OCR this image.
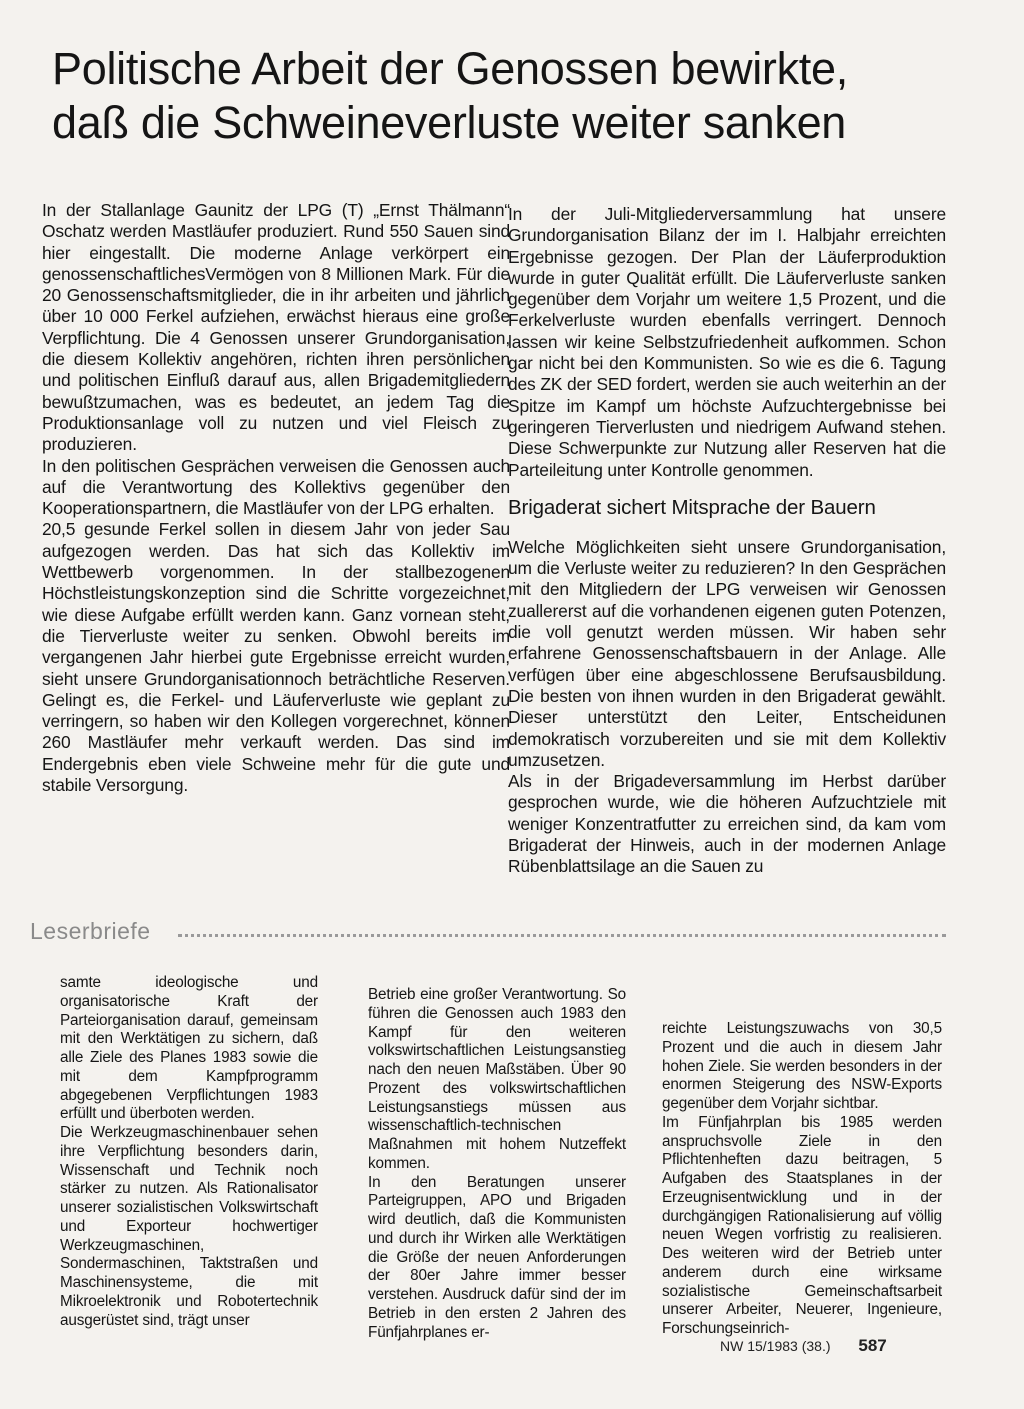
Politische Arbeit der Genossen bewirkte,
daß die Schweineverluste weiter sanken

In der Stallanlage Gaunitz der LPG (T) „Ernst Thälmann“ Oschatz werden Mastläufer produziert. Rund 550 Sauen sind hier eingestallt. Die moderne Anlage verkörpert ein genossenschaftlichesVermögen von 8 Millionen Mark. Für die 20 Genossenschaftsmitglieder, die in ihr arbeiten und jährlich über 10 000 Ferkel aufziehen, erwächst hieraus eine große Verpflichtung. Die 4 Genossen unserer Grundorganisation, die diesem Kollektiv angehören, richten ihren persönlichen und politischen Einfluß darauf aus, allen Brigademitgliedern bewußtzumachen, was es bedeutet, an jedem Tag die Produktionsanlage voll zu nutzen und viel Fleisch zu produzieren.

In den politischen Gesprächen verweisen die Genossen auch auf die Verantwortung des Kollektivs gegenüber den Kooperationspartnern, die Mastläufer von der LPG erhalten.

20,5 gesunde Ferkel sollen in diesem Jahr von jeder Sau aufgezogen werden. Das hat sich das Kollektiv im Wettbewerb vorgenommen. In der stallbezogenen Höchstleistungskonzeption sind die Schritte vorgezeichnet, wie diese Aufgabe erfüllt werden kann. Ganz vornean steht, die Tierverluste weiter zu senken. Obwohl bereits im vergangenen Jahr hierbei gute Ergebnisse erreicht wurden, sieht unsere Grundorganisationnoch beträchtliche Reserven. Gelingt es, die Ferkel- und Läuferverluste wie geplant zu verringern, so haben wir den Kollegen vorgerechnet, können 260 Mastläufer mehr verkauft werden. Das sind im Endergebnis eben viele Schweine mehr für die gute und stabile Versorgung.

In der Juli-Mitgliederversammlung hat unsere Grundorganisation Bilanz der im I. Halbjahr erreichten Ergebnisse gezogen. Der Plan der Läuferproduktion wurde in guter Qualität erfüllt. Die Läuferverluste sanken gegenüber dem Vorjahr um weitere 1,5 Prozent, und die Ferkelverluste wurden ebenfalls verringert. Dennoch lassen wir keine Selbstzufriedenheit aufkommen. Schon gar nicht bei den Kommunisten. So wie es die 6. Tagung des ZK der SED fordert, werden sie auch weiterhin an der Spitze im Kampf um höchste Aufzuchtergebnisse bei geringeren Tierverlusten und niedrigem Aufwand stehen. Diese Schwerpunkte zur Nutzung aller Reserven hat die Parteileitung unter Kontrolle genommen.

Brigaderat sichert Mitsprache der Bauern

Welche Möglichkeiten sieht unsere Grundorganisation, um die Verluste weiter zu reduzieren? In den Gesprächen mit den Mitgliedern der LPG verweisen wir Genossen zuallererst auf die vorhandenen eigenen guten Potenzen, die voll genutzt werden müssen. Wir haben sehr erfahrene Genossenschaftsbauern in der Anlage. Alle verfügen über eine abgeschlossene Berufsausbildung. Die besten von ihnen wurden in den Brigaderat gewählt. Dieser unterstützt den Leiter, Entscheidunen demokratisch vorzubereiten und sie mit dem Kollektiv umzusetzen.

Als in der Brigadeversammlung im Herbst darüber gesprochen wurde, wie die höheren Aufzuchtziele mit weniger Konzentratfutter zu erreichen sind, da kam vom Brigaderat der Hinweis, auch in der modernen Anlage Rübenblattsilage an die Sauen zu

Leserbriefe

samte ideologische und organisatorische Kraft der Parteiorganisation darauf, gemeinsam mit den Werktätigen zu sichern, daß alle Ziele des Planes 1983 sowie die mit dem Kampfprogramm abgegebenen Verpflichtungen 1983 erfüllt und überboten werden.

Die Werkzeugmaschinenbauer sehen ihre Verpflichtung besonders darin, Wissenschaft und Technik noch stärker zu nutzen. Als Rationalisator unserer sozialistischen Volkswirtschaft und Exporteur hochwertiger Werkzeugmaschinen, Sondermaschinen, Taktstraßen und Maschinensysteme, die mit Mikroelektronik und Robotertechnik ausgerüstet sind, trägt unser

Betrieb eine großer Verantwortung. So führen die Genossen auch 1983 den Kampf für den weiteren volkswirtschaftlichen Leistungsanstieg nach den neuen Maßstäben. Über 90 Prozent des volkswirtschaftlichen Leistungsanstiegs müssen aus wissenschaftlich-technischen Maßnahmen mit hohem Nutzeffekt kommen.

In den Beratungen unserer Parteigruppen, APO und Brigaden wird deutlich, daß die Kommunisten und durch ihr Wirken alle Werktätigen die Größe der neuen Anforderungen der 80er Jahre immer besser verstehen. Ausdruck dafür sind der im Betrieb in den ersten 2 Jahren des Fünfjahrplanes er-

reichte Leistungszuwachs von 30,5 Prozent und die auch in diesem Jahr hohen Ziele. Sie werden besonders in der enormen Steigerung des NSW-Exports gegenüber dem Vorjahr sichtbar.

Im Fünfjahrplan bis 1985 werden anspruchsvolle Ziele in den Pflichtenheften dazu beitragen, 5 Aufgaben des Staatsplanes in der Erzeugnisentwicklung und in der durchgängigen Rationalisierung auf völlig neuen Wegen vorfristig zu realisieren. Des weiteren wird der Betrieb unter anderem durch eine wirksame sozialistische Gemeinschaftsarbeit unserer Arbeiter, Neuerer, Ingenieure, Forschungseinrich-

NW 15/1983 (38.) 587
